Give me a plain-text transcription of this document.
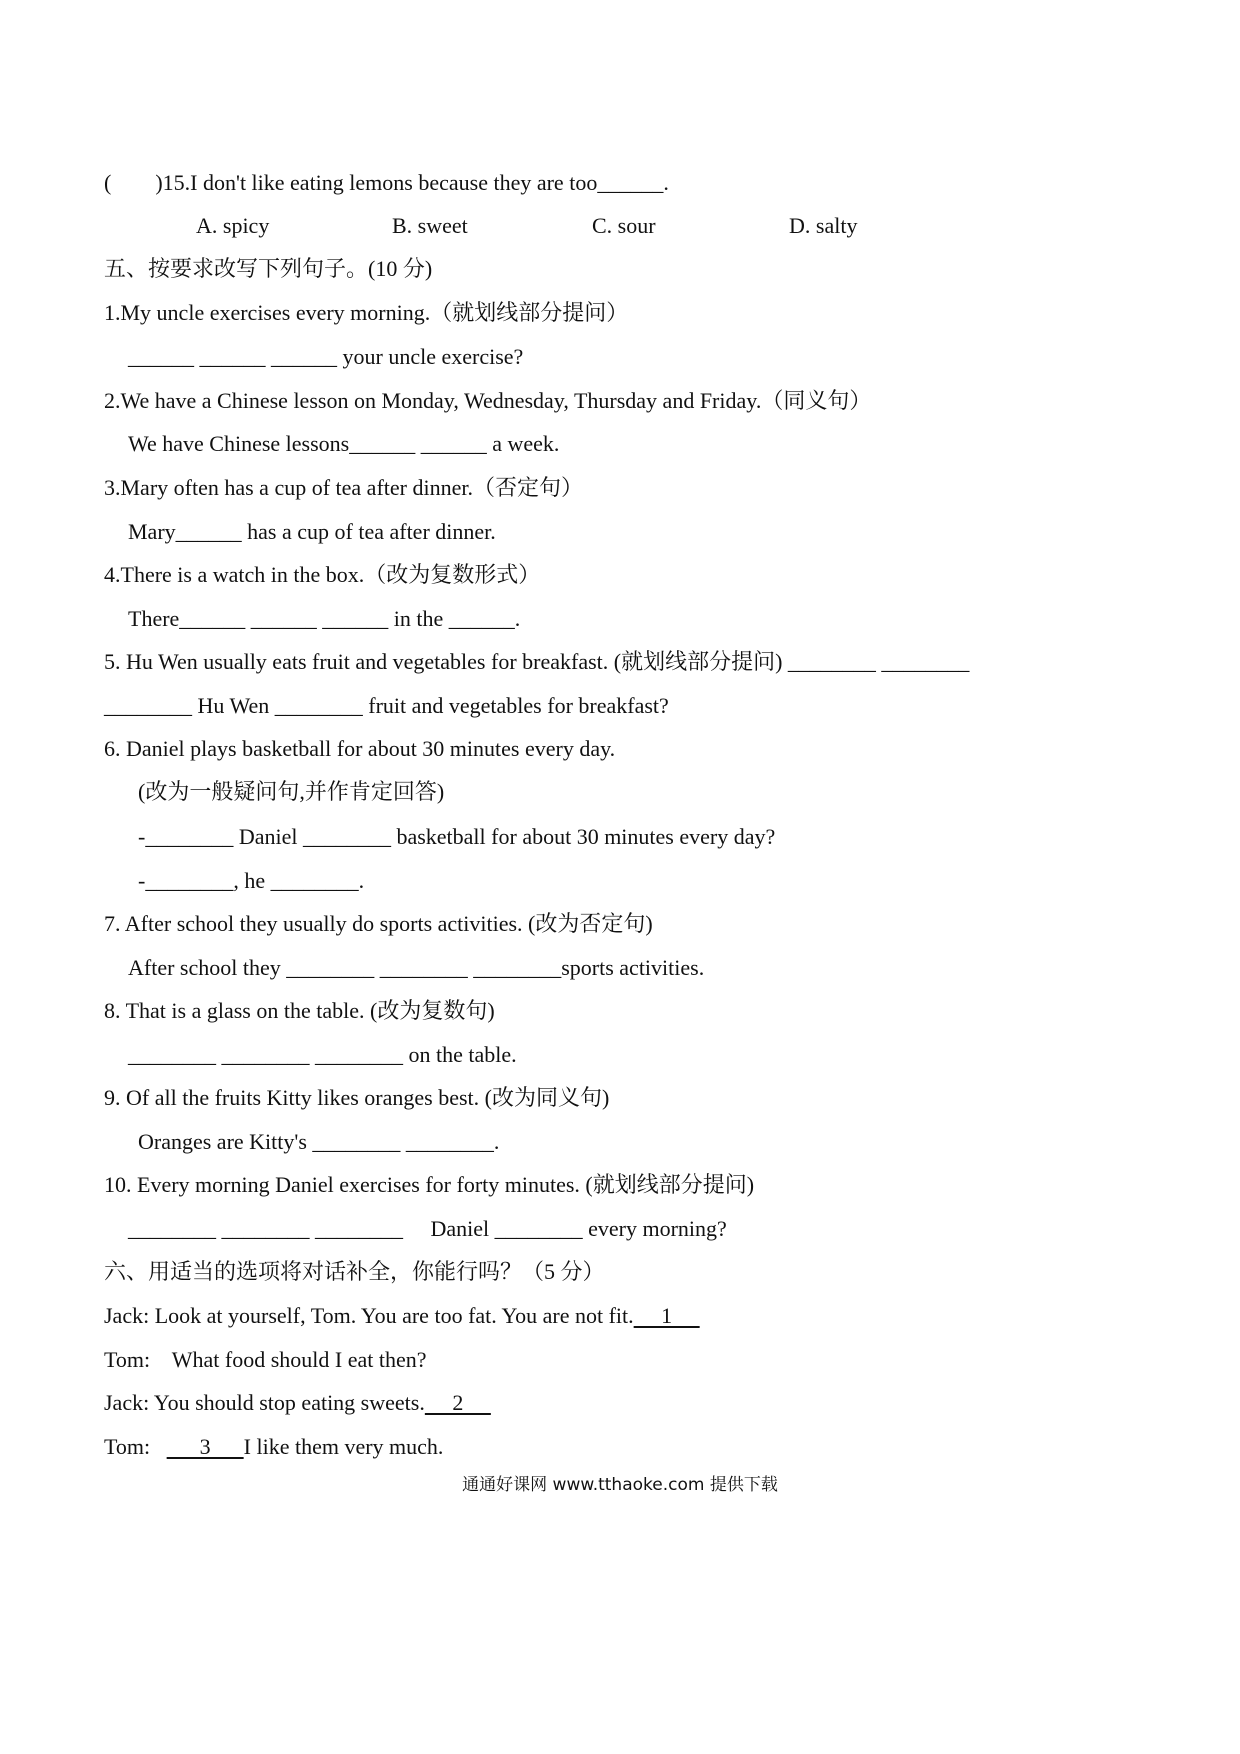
(        )15.I don't like eating lemons because they are too______.
A. spicy	B. sweet	C. sour	D. salty
五、按要求改写下列句子。(10 分)
1.My uncle exercises every morning.（就划线部分提问）
______ ______ ______ your uncle exercise?
2.We have a Chinese lesson on Monday, Wednesday, Thursday and Friday.（同义句）
We have Chinese lessons______ ______ a week.
3.Mary often has a cup of tea after dinner.（否定句）
Mary______ has a cup of tea after dinner.
4.There is a watch in the box.（改为复数形式）
There______ ______ ______ in the ______.
5. Hu Wen usually eats fruit and vegetables for breakfast. (就划线部分提问) ________ ________
________ Hu Wen ________ fruit and vegetables for breakfast?
6. Daniel plays basketball for about 30 minutes every day.
(改为一般疑问句,并作肯定回答)
-________ Daniel ________ basketball for about 30 minutes every day?
-________, he ________.
7. After school they usually do sports activities. (改为否定句)
After school they ________ ________ ________sports activities.
8. That is a glass on the table. (改为复数句)
________ ________ ________ on the table.
9. Of all the fruits Kitty likes oranges best. (改为同义句)
Oranges are Kitty's ________ ________.
10. Every morning Daniel exercises for forty minutes. (就划线部分提问)
________ ________ ________     Daniel ________ every morning?
六、用适当的选项将对话补全，你能行吗？（5 分）
Jack: Look at yourself, Tom. You are too fat. You are not fit.     1
Tom: What food should I eat then?
Jack: You should stop eating sweets.     2
Tom:         3      I like them very much.
通通好课网 www.tthaoke.com 提供下载
